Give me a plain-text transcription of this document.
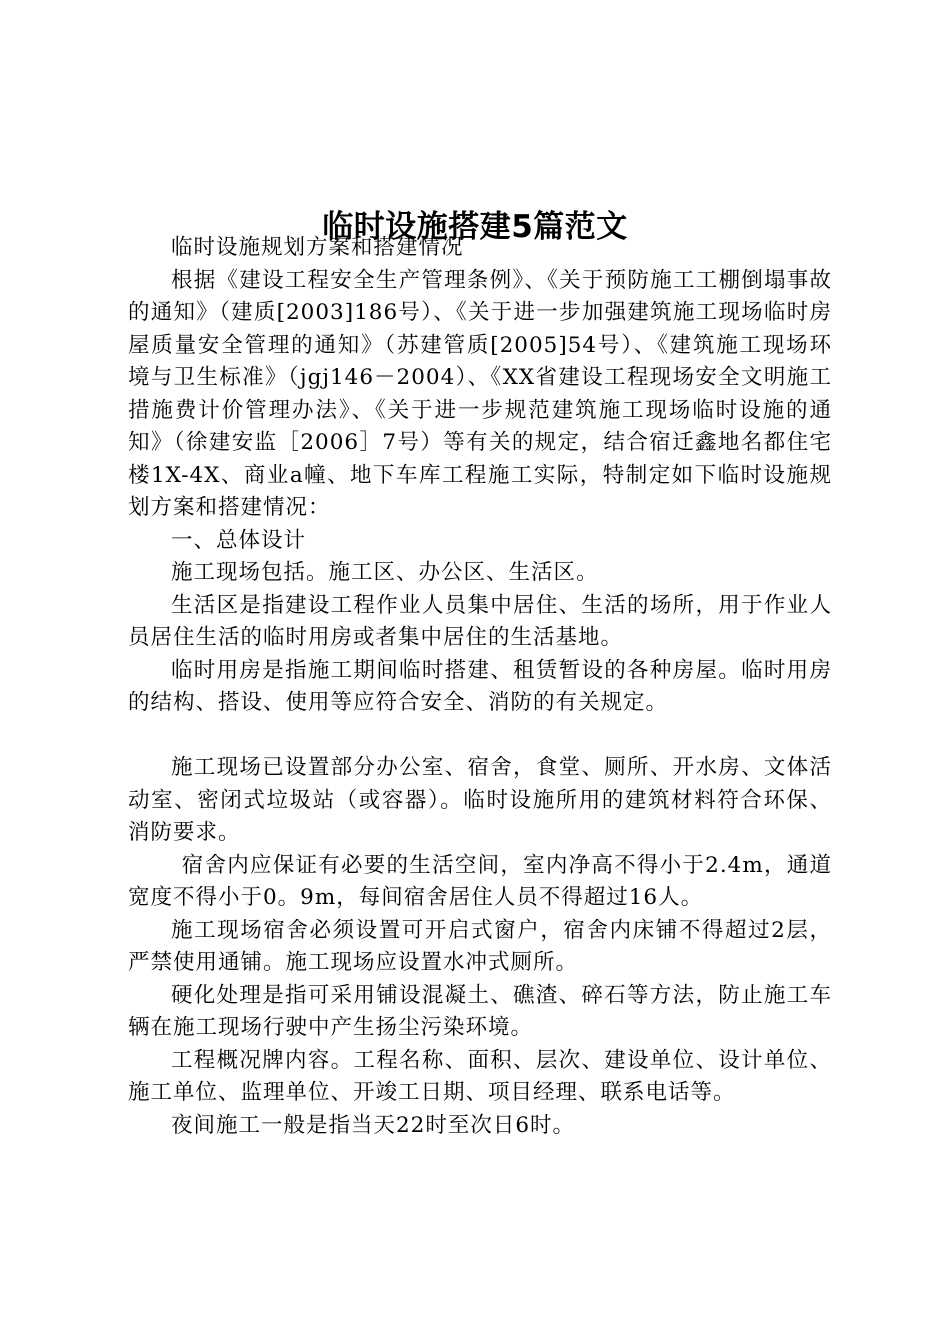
临时设施搭建5篇范文

临时设施规划方案和搭建情况

根据《建设工程安全生产管理条例》、《关于预防施工工棚倒塌事故的通知》（建质[2003]186号）、《关于进一步加强建筑施工现场临时房屋质量安全管理的通知》（苏建管质[2005]54号）、《建筑施工现场环境与卫生标准》（jgj146－2004）、《XX省建设工程现场安全文明施工措施费计价管理办法》、《关于进一步规范建筑施工现场临时设施的通知》（徐建安监［2006］7号）等有关的规定，结合宿迁鑫地名都住宅楼1X-4X、商业a幢、地下车库工程施工实际，特制定如下临时设施规划方案和搭建情况：

一、总体设计

施工现场包括。施工区、办公区、生活区。

生活区是指建设工程作业人员集中居住、生活的场所，用于作业人员居住生活的临时用房或者集中居住的生活基地。

临时用房是指施工期间临时搭建、租赁暂设的各种房屋。临时用房的结构、搭设、使用等应符合安全、消防的有关规定。

施工现场已设置部分办公室、宿舍，食堂、厕所、开水房、文体活动室、密闭式垃圾站（或容器）。临时设施所用的建筑材料符合环保、消防要求。

宿舍内应保证有必要的生活空间，室内净高不得小于2.4m，通道宽度不得小于0。9m，每间宿舍居住人员不得超过16人。

施工现场宿舍必须设置可开启式窗户，宿舍内床铺不得超过2层，严禁使用通铺。施工现场应设置水冲式厕所。

硬化处理是指可采用铺设混凝土、礁渣、碎石等方法，防止施工车辆在施工现场行驶中产生扬尘污染环境。

工程概况牌内容。工程名称、面积、层次、建设单位、设计单位、施工单位、监理单位、开竣工日期、项目经理、联系电话等。

夜间施工一般是指当天22时至次日6时。
